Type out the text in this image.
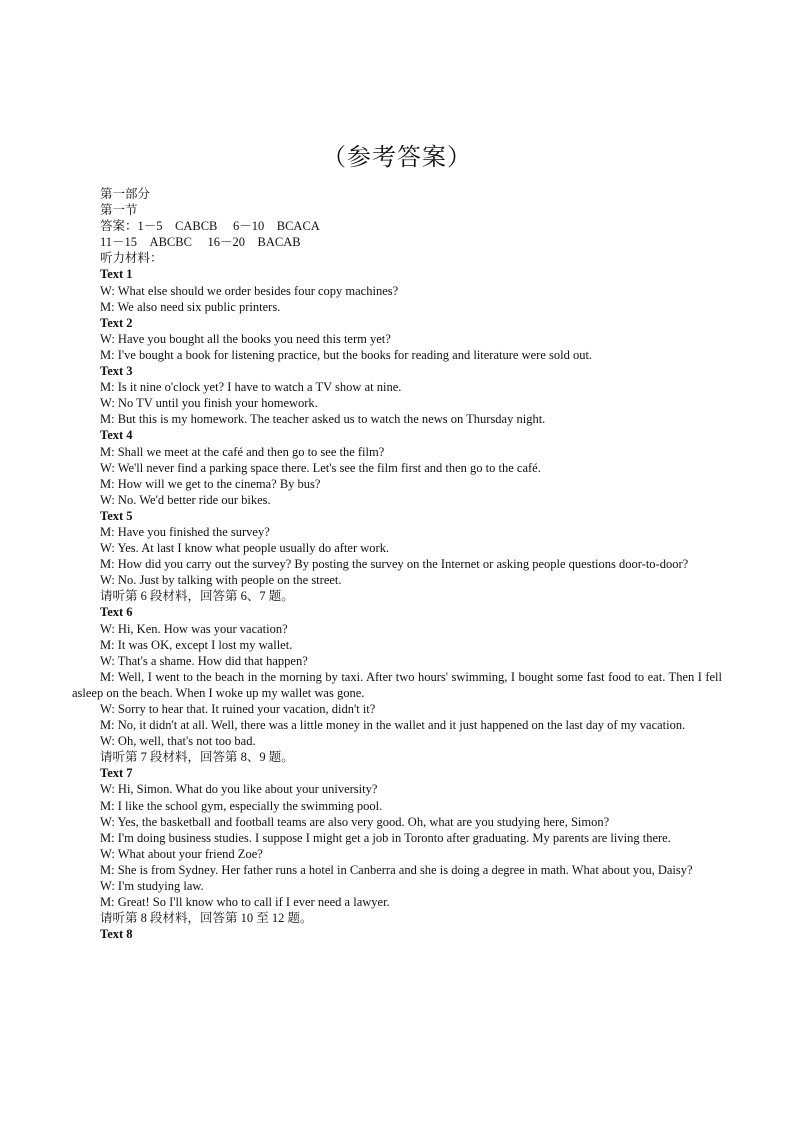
（参考答案）
第一部分
第一节
答案：1－5　CABCB　 6－10　BCACA
11－15　ABCBC　 16－20　BACAB
听力材料：
Text 1
W: What else should we order besides four copy machines?
M: We also need six public printers.
Text 2
W: Have you bought all the books you need this term yet?
M: I've bought a book for listening practice, but the books for reading and literature were sold out.
Text 3
M: Is it nine o'clock yet? I have to watch a TV show at nine.
W: No TV until you finish your homework.
M: But this is my homework. The teacher asked us to watch the news on Thursday night.
Text 4
M: Shall we meet at the café and then go to see the film?
W: We'll never find a parking space there. Let's see the film first and then go to the café.
M: How will we get to the cinema? By bus?
W: No. We'd better ride our bikes.
Text 5
M: Have you finished the survey?
W: Yes. At last I know what people usually do after work.
M: How did you carry out the survey? By posting the survey on the Internet or asking people questions door-to-door?
W: No. Just by talking with people on the street.
请听第 6 段材料，回答第 6、7 题。
Text 6
W: Hi, Ken. How was your vacation?
M: It was OK, except I lost my wallet.
W: That's a shame. How did that happen?
M: Well, I went to the beach in the morning by taxi. After two hours' swimming, I bought some fast food to eat. Then I fell asleep on the beach. When I woke up my wallet was gone.
W: Sorry to hear that. It ruined your vacation, didn't it?
M: No, it didn't at all. Well, there was a little money in the wallet and it just happened on the last day of my vacation.
W: Oh, well, that's not too bad.
请听第 7 段材料，回答第 8、9 题。
Text 7
W: Hi, Simon. What do you like about your university?
M: I like the school gym, especially the swimming pool.
W: Yes, the basketball and football teams are also very good. Oh, what are you studying here, Simon?
M: I'm doing business studies. I suppose I might get a job in Toronto after graduating. My parents are living there.
W: What about your friend Zoe?
M: She is from Sydney. Her father runs a hotel in Canberra and she is doing a degree in math. What about you, Daisy?
W: I'm studying law.
M: Great! So I'll know who to call if I ever need a lawyer.
请听第 8 段材料，回答第 10 至 12 题。
Text 8
